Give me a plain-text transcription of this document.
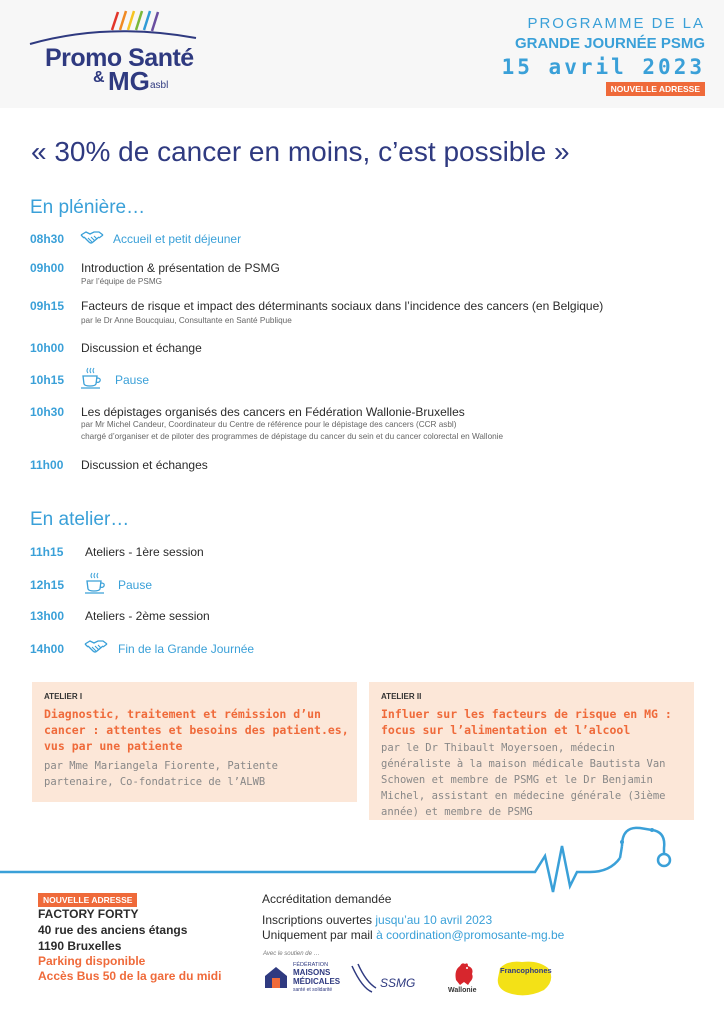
Promo Santé
& MG asbl
PROGRAMME DE LA
GRANDE JOURNÉE PSMG
15 avril 2023
NOUVELLE ADRESSE
« 30% de cancer en moins, c’est possible »
En plénière…
08h30	Accueil et petit déjeuner
09h00 Introduction & présentation de PSMG
Par l’équipe de PSMG
09h15 Facteurs de risque et impact des déterminants sociaux dans l’incidence des cancers (en Belgique)
par le Dr Anne Boucquiau, Consultante en Santé Publique
10h00 Discussion et échange
10h15	Pause
10h30 Les dépistages organisés des cancers en Fédération Wallonie-Bruxelles
par Mr Michel Candeur, Coordinateur du Centre de référence pour le dépistage des cancers (CCR asbl)
chargé d’organiser et de piloter des programmes de dépistage du cancer du sein et du cancer colorectal en Wallonie
11h00 Discussion et échanges
En atelier…
11h15 Ateliers - 1ère session
12h15	Pause
13h00 Ateliers - 2ème session
14h00	Fin de la Grande Journée
ATELIER I
Diagnostic, traitement et rémission d’un
cancer : attentes et besoins des patient.es,
vus par une patiente
par Mme Mariangela Fiorente, Patiente
partenaire, Co-fondatrice de l’ALWB
ATELIER II
Influer sur les facteurs de risque en MG :
focus sur l’alimentation et l’alcool
par le Dr Thibault Moyersoen, médecin
généraliste à la maison médicale Bautista Van
Schowen et membre de PSMG et le Dr Benjamin
Michel, assistant en médecine générale (3ième
année) et membre de PSMG
NOUVELLE ADRESSE
FACTORY FORTY
40 rue des anciens étangs
1190 Bruxelles
Parking disponible
Accès Bus 50 de la gare du midi
Accréditation demandée
Inscriptions ouvertes jusqu’au 10 avril 2023
Uniquement par mail à coordination@promosante-mg.be
Avec le soutien de …
FÉDÉRATION
MAISONS
MÉDICALES
santé et solidarité	SSMG
Wallonie
Francophones
